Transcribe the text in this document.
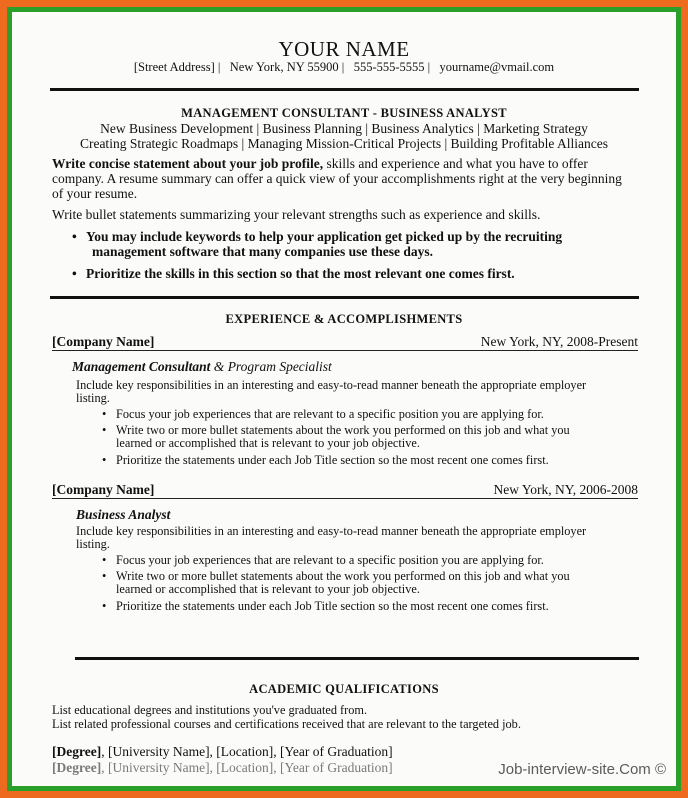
YOUR NAME
[Street Address] |   New York, NY 55900 |   555-555-5555 |   yourname@vmail.com
MANAGEMENT CONSULTANT - BUSINESS ANALYST
New Business Development | Business Planning | Business Analytics | Marketing Strategy
Creating Strategic Roadmaps | Managing Mission-Critical Projects | Building Profitable Alliances
Write concise statement about your job profile, skills and experience and what you have to offer
company. A resume summary can offer a quick view of your accomplishments right at the very beginning
of your resume.
Write bullet statements summarizing your relevant strengths such as experience and skills.
• You may include keywords to help your application get picked up by the recruiting
management software that many companies use these days.
• Prioritize the skills in this section so that the most relevant one comes first.
EXPERIENCE & ACCOMPLISHMENTS
[Company Name]	New York, NY, 2008-Present
Management Consultant & Program Specialist
Include key responsibilities in an interesting and easy-to-read manner beneath the appropriate employer
listing.
• Focus your job experiences that are relevant to a specific position you are applying for.
• Write two or more bullet statements about the work you performed on this job and what you
learned or accomplished that is relevant to your job objective.
• Prioritize the statements under each Job Title section so the most recent one comes first.
[Company Name]	New York, NY, 2006-2008
Business Analyst
Include key responsibilities in an interesting and easy-to-read manner beneath the appropriate employer
listing.
• Focus your job experiences that are relevant to a specific position you are applying for.
• Write two or more bullet statements about the work you performed on this job and what you
learned or accomplished that is relevant to your job objective.
• Prioritize the statements under each Job Title section so the most recent one comes first.
ACADEMIC QUALIFICATIONS
List educational degrees and institutions you've graduated from.
List related professional courses and certifications received that are relevant to the targeted job.
[Degree], [University Name], [Location], [Year of Graduation]
[Degree], [University Name], [Location], [Year of Graduation]	Job-interview-site.Com ©
